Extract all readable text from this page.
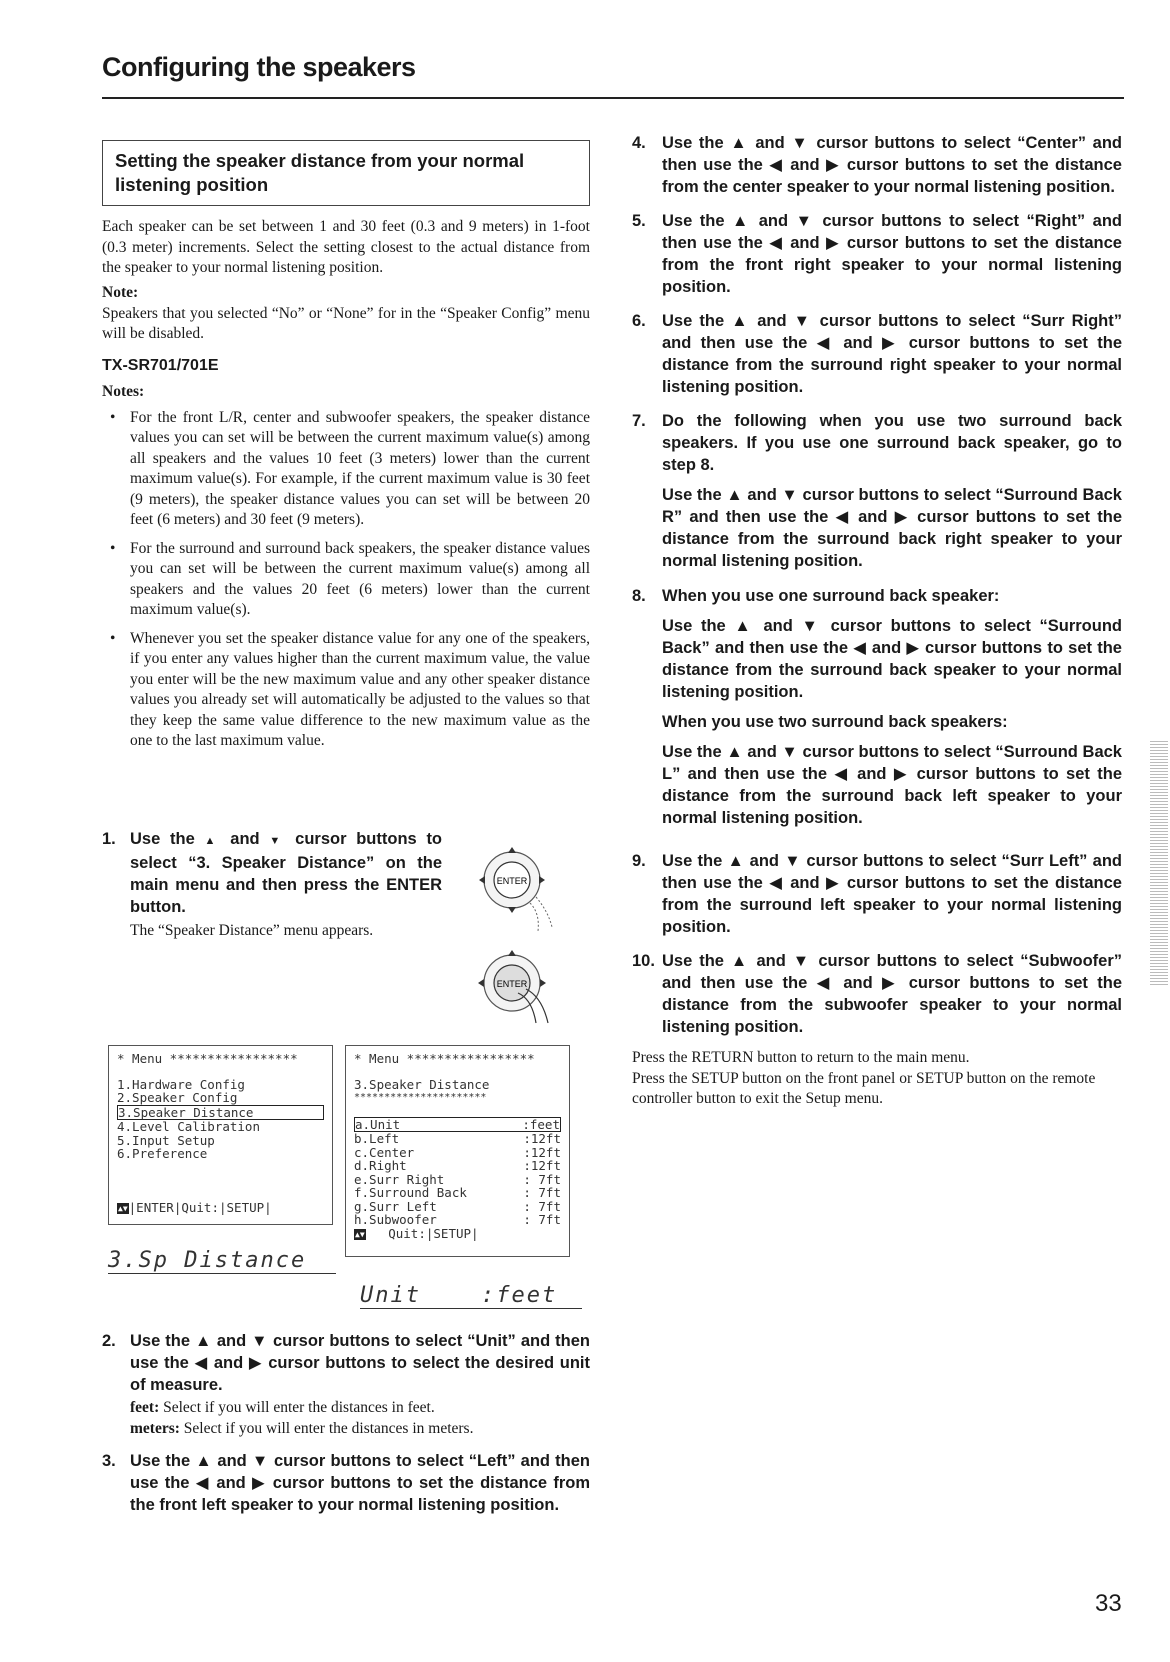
Configuring the speakers
Setting the speaker distance from your normal listening position

Each speaker can be set between 1 and 30 feet (0.3 and 9 meters) in 1-foot (0.3 meter) increments. Select the setting closest to the actual distance from the speaker to your normal listening position.

Note:

Speakers that you selected “No” or “None” for in the “Speaker Config” menu will be disabled.

TX-SR701/701E
Notes:
• For the front L/R, center and subwoofer speakers, the speaker distance values you can set will be between the current maximum value(s) among all speakers and the values 10 feet (3 meters) lower than the current maximum value(s). For example, if the current maximum value is 30 feet (9 meters), the speaker distance values you can set will be between 20 feet (6 meters) and 30 feet (9 meters).
• For the surround and surround back speakers, the speaker distance values you can set will be between the current maximum value(s) among all speakers and the values 20 feet (6 meters) lower than the current maximum value(s).
• Whenever you set the speaker distance value for any one of the speakers, if you enter any values higher than the current maximum value, the value you enter will be the new maximum value and any other speaker distance values you already set will automatically be adjusted to the values so that they keep the same value difference to the new maximum value as the one to the last maximum value.
1. Use the ▲ and ▼ cursor buttons to select “3. Speaker Distance” on the main menu and then press the ENTER button.
The “Speaker Distance” menu appears.
ENTER
ENTER
* Menu *****************
1.Hardware Config
2.Speaker Config
3.Speaker Distance
4.Level Calibration
5.Input Setup
6.Preference
▲▼|ENTER|Quit:|SETUP|
3.Sp Distance
* Menu *****************
3.Speaker Distance
**********************
a.Unit	:feet
b.Left	:12ft
c.Center	:12ft
d.Right	:12ft
e.Surr Right	: 7ft
f.Surround Back	: 7ft
g.Surr Left	: 7ft
h.Subwoofer	: 7ft
▲▼ Quit:|SETUP|
Unit	:feet
2. Use the ▲ and ▼ cursor buttons to select “Unit” and then use the ◀ and ▶ cursor buttons to select the desired unit of measure.
feet: Select if you will enter the distances in feet.
meters: Select if you will enter the distances in meters.
3. Use the ▲ and ▼ cursor buttons to select “Left” and then use the ◀ and ▶ cursor buttons to set the distance from the front left speaker to your normal listening position.
4. Use the ▲ and ▼ cursor buttons to select “Center” and then use the ◀ and ▶ cursor buttons to set the distance from the center speaker to your normal listening position.
5. Use the ▲ and ▼ cursor buttons to select “Right” and then use the ◀ and ▶ cursor buttons to set the distance from the front right speaker to your normal listening position.
6. Use the ▲ and ▼ cursor buttons to select “Surr Right” and then use the ◀ and ▶ cursor buttons to set the distance from the surround right speaker to your normal listening position.
7. Do the following when you use two surround back speakers. If you use one surround back speaker, go to step 8.
Use the ▲ and ▼ cursor buttons to select “Surround Back R” and then use the ◀ and ▶ cursor buttons to set the distance from the surround back right speaker to your normal listening position.
8. When you use one surround back speaker:
Use the ▲ and ▼ cursor buttons to select “Surround Back” and then use the ◀ and ▶ cursor buttons to set the distance from the surround back speaker to your normal listening position.
When you use two surround back speakers:
Use the ▲ and ▼ cursor buttons to select “Surround Back L” and then use the ◀ and ▶ cursor buttons to set the distance from the surround back left speaker to your normal listening position.
9. Use the ▲ and ▼ cursor buttons to select “Surr Left” and then use the ◀ and ▶ cursor buttons to set the distance from the surround left speaker to your normal listening position.
10. Use the ▲ and ▼ cursor buttons to select “Subwoofer” and then use the ◀ and ▶ cursor buttons to set the distance from the subwoofer speaker to your normal listening position.
Press the RETURN button to return to the main menu.
Press the SETUP button on the front panel or SETUP button on the remote controller button to exit the Setup menu.
33
